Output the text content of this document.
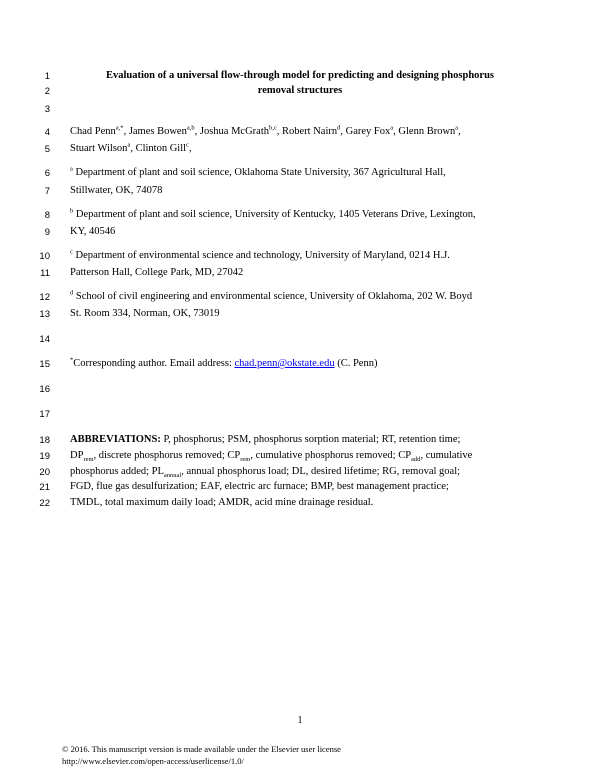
1
2
3
4
5
6
7
8
9
10
11
12
13
14
15
16
17
18
19
20
21
22
Evaluation of a universal flow-through model for predicting and designing phosphorus
removal structures
Chad Penn$^{a,*}$, James Bowen$^{a,b}$, Joshua McGrath$^{b,c}$, Robert Nairn$^d$, Garey Fox$^a$, Glenn Brown$^a$,
Stuart Wilson$^a$, Clinton Gill$^c$,
$^a$ Department of plant and soil science, Oklahoma State University, 367 Agricultural Hall,
Stillwater, OK, 74078
$^b$ Department of plant and soil science, University of Kentucky, 1405 Veterans Drive, Lexington,
KY, 40546
$^c$ Department of environmental science and technology, University of Maryland, 0214 H.J.
Patterson Hall, College Park, MD, 27042
$^d$ School of civil engineering and environmental science, University of Oklahoma, 202 W. Boyd
St. Room 334, Norman, OK, 73019
*Corresponding author. Email address: chad.penn@okstate.edu (C. Penn)
ABBREVIATIONS: P, phosphorus; PSM, phosphorus sorption material; RT, retention time;
$DP_{rem}$, discrete phosphorus removed; $CP_{rem}$, cumulative phosphorus removed; $CP_{add}$, cumulative
phosphorus added; $PL_{annual}$, annual phosphorus load; DL, desired lifetime; RG, removal goal;
FGD, flue gas desulfurization; EAF, electric arc furnace; BMP, best management practice;
TMDL, total maximum daily load; AMDR, acid mine drainage residual.
1
© 2016. This manuscript version is made available under the Elsevier user license
http://www.elsevier.com/open-access/userlicense/1.0/
